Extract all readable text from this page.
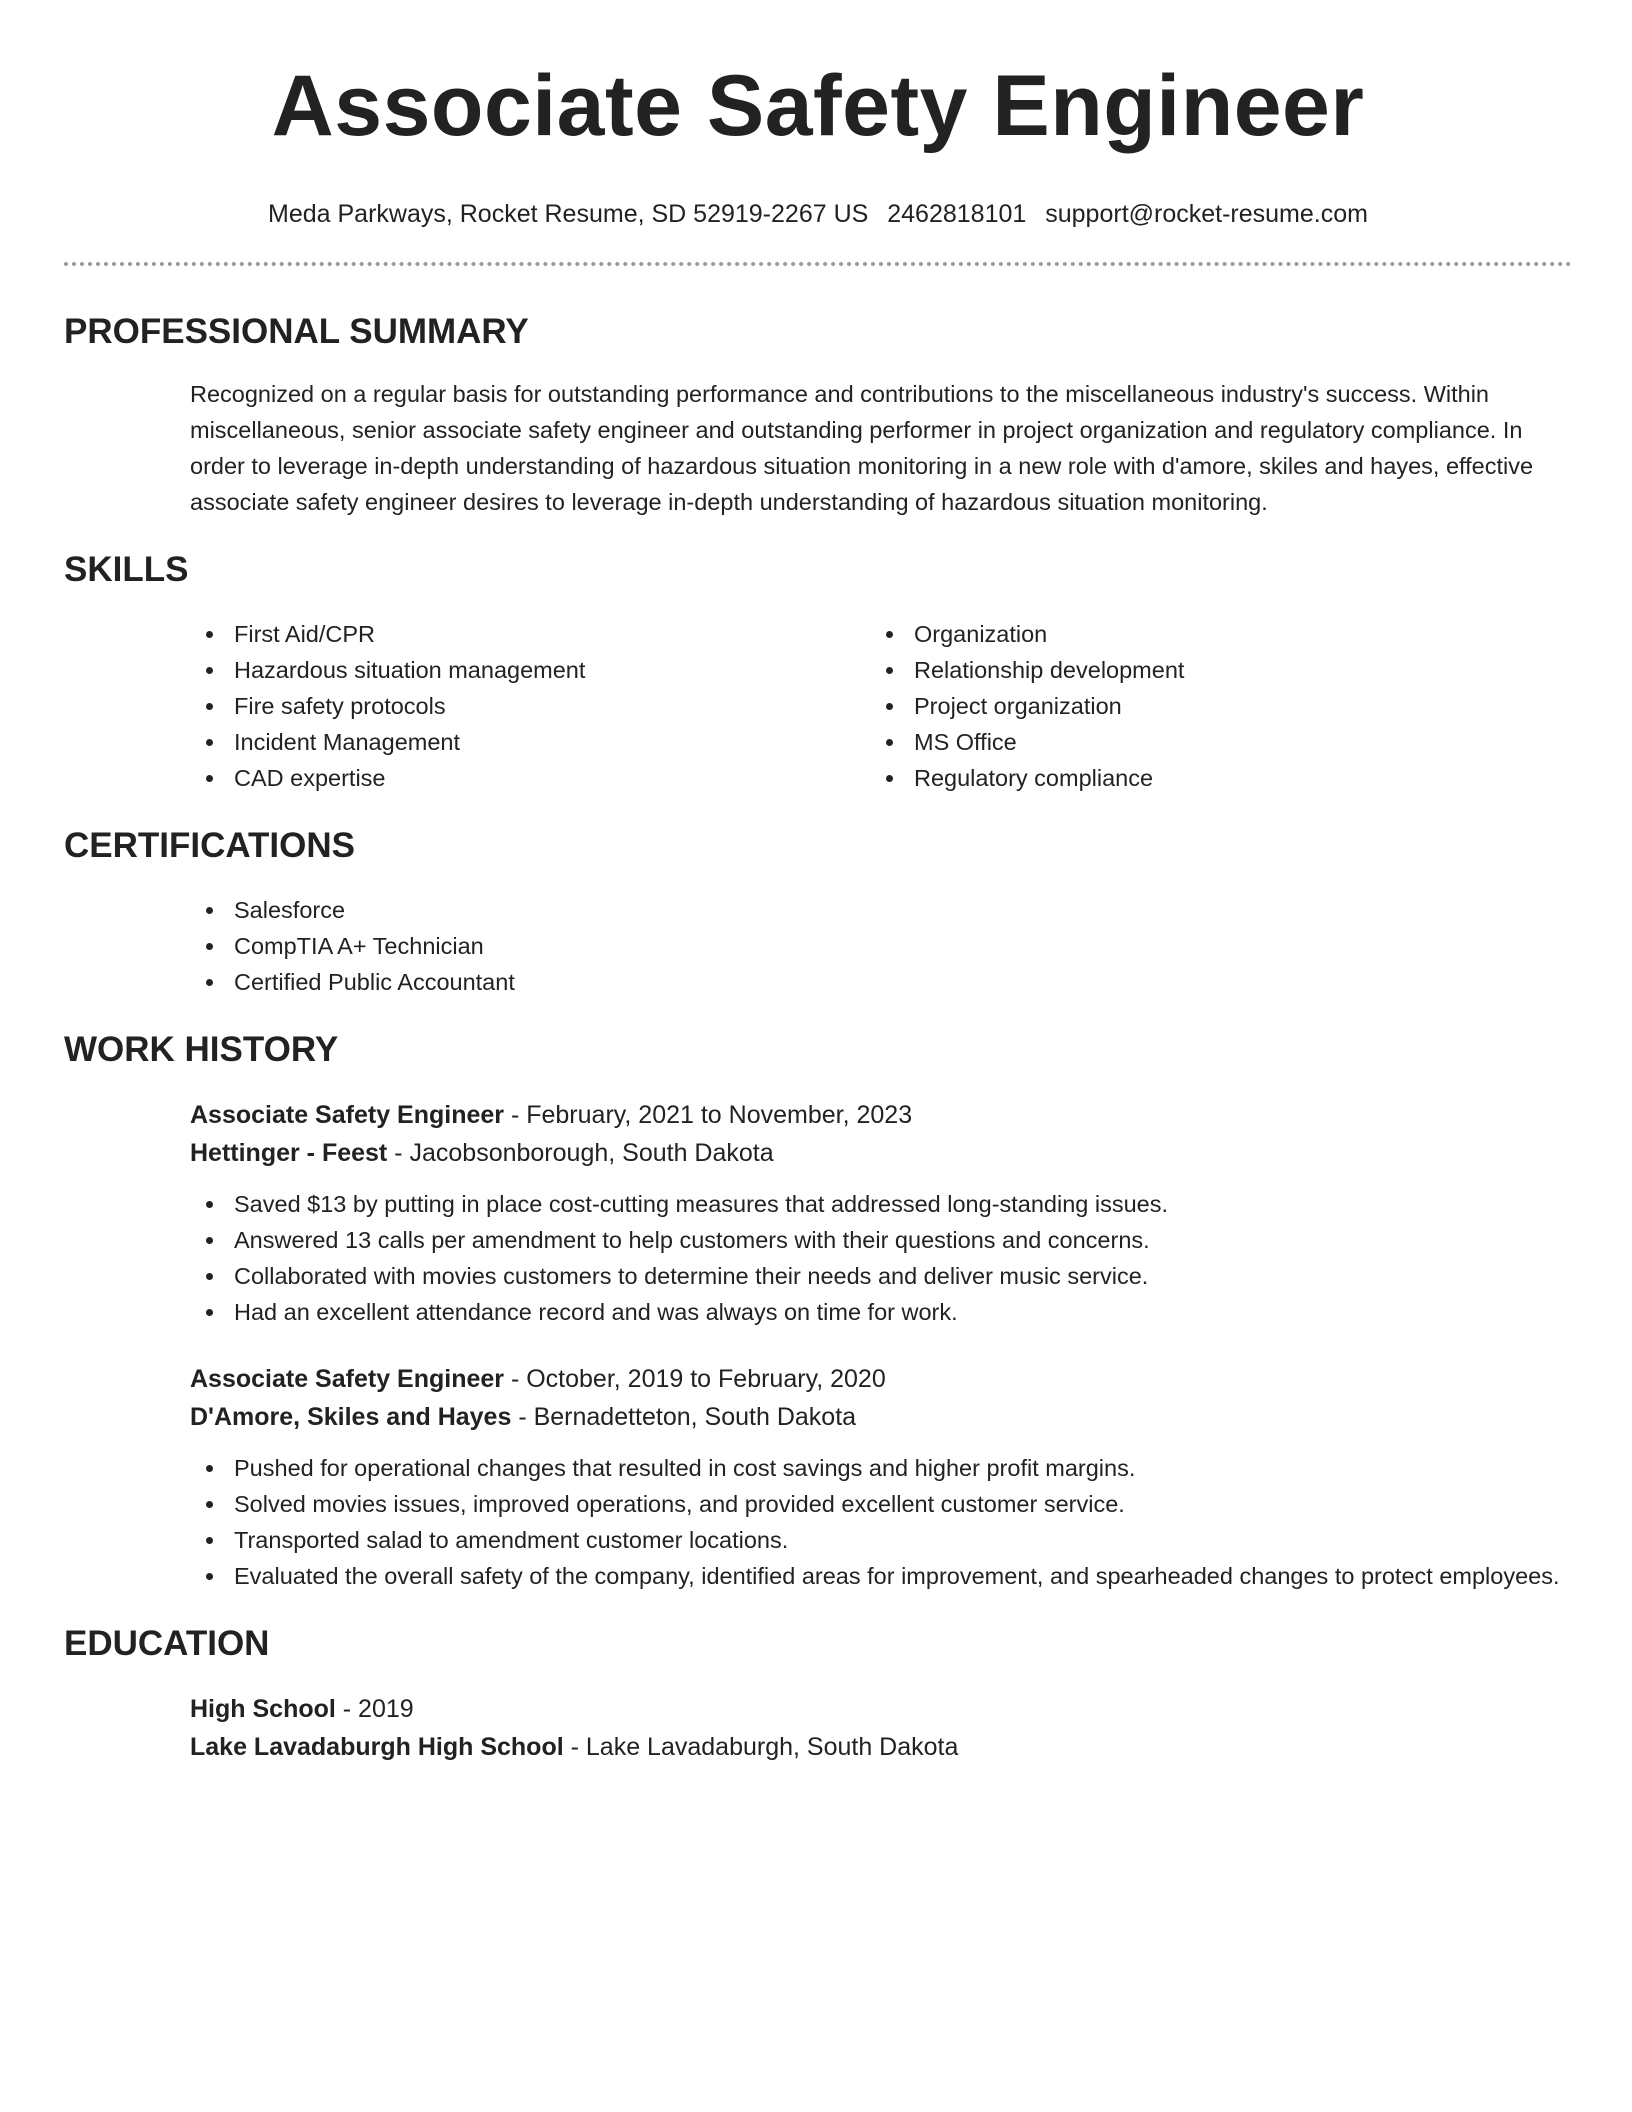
Associate Safety Engineer
Meda Parkways, Rocket Resume, SD 52919-2267 US 2462818101 support@rocket-resume.com
PROFESSIONAL SUMMARY

Recognized on a regular basis for outstanding performance and contributions to the miscellaneous industry's success. Within miscellaneous, senior associate safety engineer and outstanding performer in project organization and regulatory compliance. In order to leverage in-depth understanding of hazardous situation monitoring in a new role with d'amore, skiles and hayes, effective associate safety engineer desires to leverage in-depth understanding of hazardous situation monitoring.

SKILLS
First Aid/CPR
Hazardous situation management
Fire safety protocols
Incident Management
CAD expertise
Organization
Relationship development
Project organization
MS Office
Regulatory compliance
CERTIFICATIONS
Salesforce
CompTIA A+ Technician
Certified Public Accountant
WORK HISTORY
Associate Safety Engineer - February, 2021 to November, 2023
Hettinger - Feest - Jacobsonborough, South Dakota
Saved $13 by putting in place cost-cutting measures that addressed long-standing issues.
Answered 13 calls per amendment to help customers with their questions and concerns.
Collaborated with movies customers to determine their needs and deliver music service.
Had an excellent attendance record and was always on time for work.
Associate Safety Engineer - October, 2019 to February, 2020
D'Amore, Skiles and Hayes - Bernadetteton, South Dakota
Pushed for operational changes that resulted in cost savings and higher profit margins.
Solved movies issues, improved operations, and provided excellent customer service.
Transported salad to amendment customer locations.
Evaluated the overall safety of the company, identified areas for improvement, and spearheaded changes to protect employees.
EDUCATION
High School - 2019
Lake Lavadaburgh High School - Lake Lavadaburgh, South Dakota
